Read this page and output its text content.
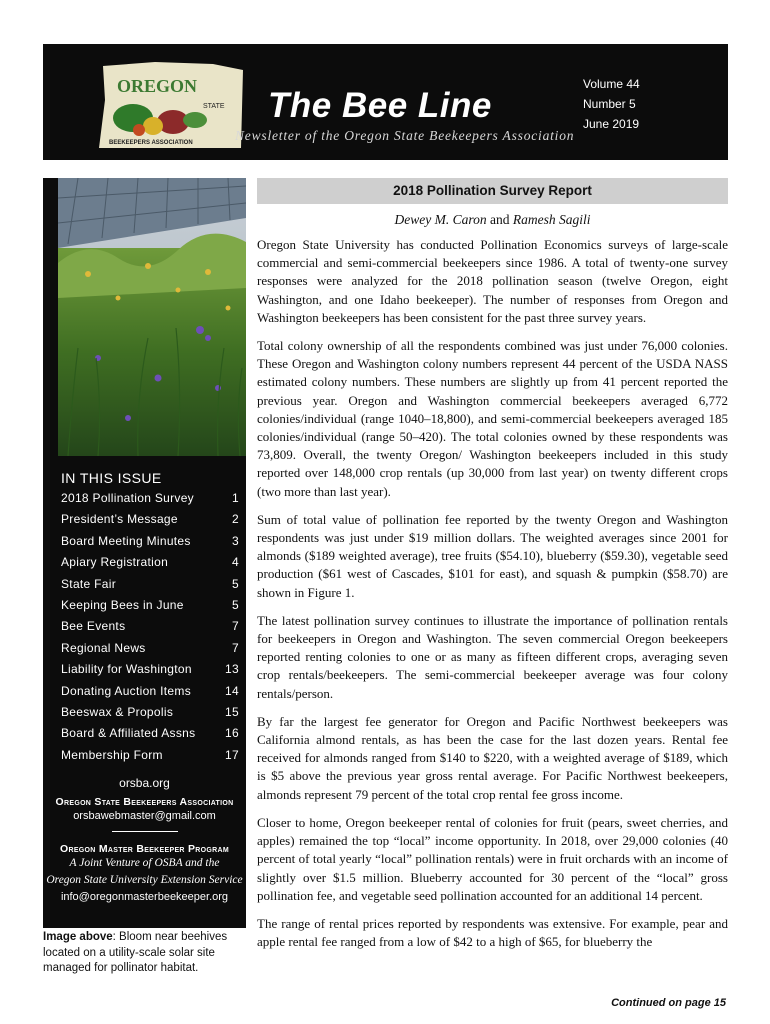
OREGON
STATE
BEEKEEPERS ASSOCIATION
The Bee Line
Newsletter of the Oregon State Beekeepers Association
Volume 44
Number 5
June 2019
IN THIS ISSUE
2018 Pollination Survey	1
President’s Message	2
Board Meeting Minutes	3
Apiary Registration	4
State Fair	5
Keeping Bees in June	5
Bee Events	7
Regional News	7
Liability for Washington	13
Donating Auction Items	14
Beeswax & Propolis	15
Board & Affiliated Assns 16
Membership Form	17
orsba.org
Oregon State Beekeepers Association
orsbawebmaster@gmail.com
Oregon Master Beekeeper Program
A Joint Venture of OSBA and the
Oregon State University Extension Service
info@oregonmasterbeekeeper.org
Image above: Bloom near beehives located on a utility-scale solar site managed for pollinator habitat.
2018 Pollination Survey Report
Dewey M. Caron and Ramesh Sagili

Oregon State University has conducted Pollination Economics surveys of large-scale commercial and semi-commercial beekeepers since 1986. A total of twenty-one survey responses were analyzed for the 2018 pollination season (twelve Oregon, eight Washington, and one Idaho beekeeper). The number of responses from Oregon and Washington beekeepers has been consistent for the past three survey years.

Total colony ownership of all the respondents combined was just under 76,000 colonies. These Oregon and Washington colony numbers represent 44 percent of the USDA NASS estimated colony numbers. These numbers are slightly up from 41 percent reported the previous year. Oregon and Washington commercial beekeepers averaged 6,772 colonies/individual (range 1040–18,800), and semi-commercial beekeepers averaged 185 colonies/individual (range 50–420). The total colonies owned by these respondents was 73,809. Overall, the twenty Oregon/ Washington beekeepers included in this study reported over 148,000 crop rentals (up 30,000 from last year) on twenty different crops (two more than last year).

Sum of total value of pollination fee reported by the twenty Oregon and Washington respondents was just under $19 million dollars. The weighted averages since 2001 for almonds ($189 weighted average), tree fruits ($54.10), blueberry ($59.30), vegetable seed production ($61 west of Cascades, $101 for east), and squash & pumpkin ($58.70) are shown in Figure 1.

The latest pollination survey continues to illustrate the importance of pollination rentals for beekeepers in Oregon and Washington. The seven commercial Oregon beekeepers reported renting colonies to one or as many as fifteen different crops, averaging seven crop rentals/beekeepers. The semi-commercial beekeeper average was four colony rentals/person.

By far the largest fee generator for Oregon and Pacific Northwest beekeepers was California almond rentals, as has been the case for the last dozen years. Rental fee received for almonds ranged from $140 to $220, with a weighted average of $189, which is $5 above the previous year gross rental average. For Pacific Northwest beekeepers, almonds represent 79 percent of the total crop rental fee gross income.

Closer to home, Oregon beekeeper rental of colonies for fruit (pears, sweet cherries, and apples) remained the top “local” income opportunity. In 2018, over 29,000 colonies (40 percent of total yearly “local” pollination rentals) were in fruit orchards with an income of slightly over $1.5 million. Blueberry accounted for 30 percent of the “local” gross pollination fee, and vegetable seed pollination accounted for an additional 14 percent.

The range of rental prices reported by respondents was extensive. For example, pear and apple rental fee ranged from a low of $42 to a high of $65, for blueberry the

Continued on page 15
